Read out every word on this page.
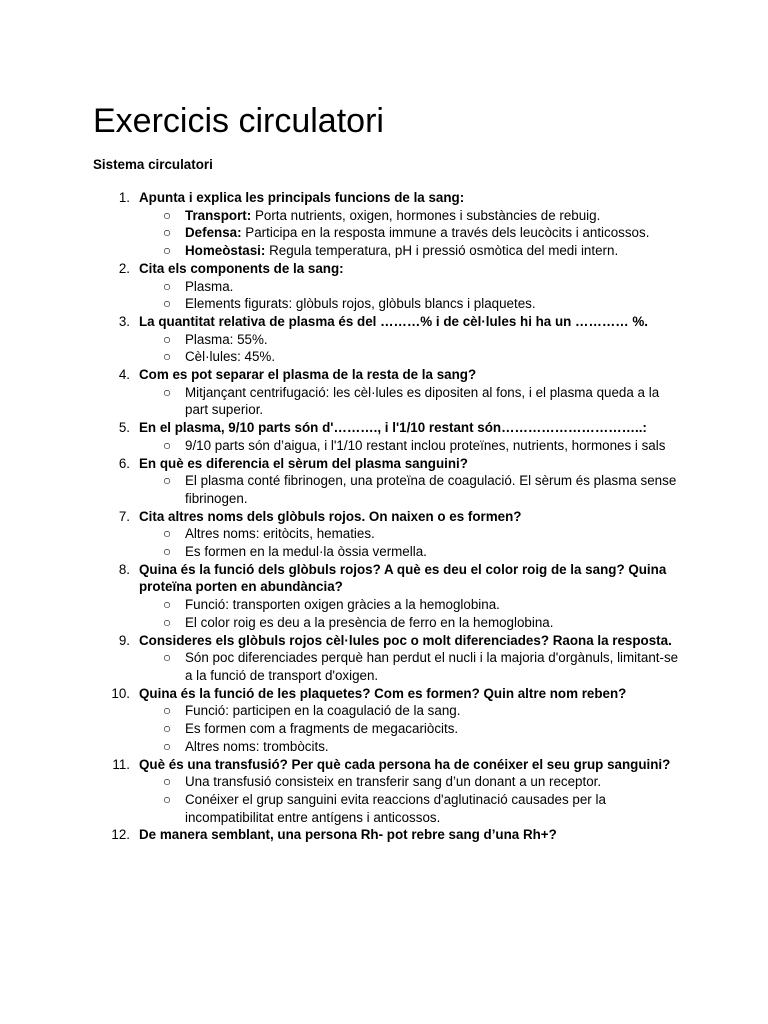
Exercicis circulatori
Sistema circulatori
1. Apunta i explica les principals funcions de la sang:
○ Transport: Porta nutrients, oxigen, hormones i substàncies de rebuig.
○ Defensa: Participa en la resposta immune a través dels leucòcits i anticossos.
○ Homeòstasi: Regula temperatura, pH i pressió osmòtica del medi intern.
2. Cita els components de la sang:
○ Plasma.
○ Elements figurats: glòbuls rojos, glòbuls blancs i plaquetes.
3. La quantitat relativa de plasma és del ………% i de cèl·lules hi ha un ………… %.
○ Plasma: 55%.
○ Cèl·lules: 45%.
4. Com es pot separar el plasma de la resta de la sang?
○ Mitjançant centrifugació: les cèl·lules es dipositen al fons, i el plasma queda a la part superior.
5. En el plasma, 9/10 parts són d'………., i l'1/10 restant són…………………………..:
○ 9/10 parts són d’aigua, i l'1/10 restant inclou proteïnes, nutrients, hormones i sals
6. En què es diferencia el sèrum del plasma sanguini?
○ El plasma conté fibrinogen, una proteïna de coagulació. El sèrum és plasma sense fibrinogen.
7. Cita altres noms dels glòbuls rojos. On naixen o es formen?
○ Altres noms: eritòcits, hematies.
○ Es formen en la medul·la òssia vermella.
8. Quina és la funció dels glòbuls rojos? A què es deu el color roig de la sang? Quina proteïna porten en abundància?
○ Funció: transporten oxigen gràcies a la hemoglobina.
○ El color roig es deu a la presència de ferro en la hemoglobina.
9. Consideres els glòbuls rojos cèl·lules poc o molt diferenciades? Raona la resposta.
○ Són poc diferenciades perquè han perdut el nucli i la majoria d'orgànuls, limitant-se a la funció de transport d'oxigen.
10. Quina és la funció de les plaquetes? Com es formen? Quin altre nom reben?
○ Funció: participen en la coagulació de la sang.
○ Es formen com a fragments de megacariòcits.
○ Altres noms: trombòcits.
11. Què és una transfusió? Per què cada persona ha de conéixer el seu grup sanguini?
○ Una transfusió consisteix en transferir sang d’un donant a un receptor.
○ Conéixer el grup sanguini evita reaccions d'aglutinació causades per la incompatibilitat entre antígens i anticossos.
12. De manera semblant, una persona Rh- pot rebre sang d’una Rh+?
